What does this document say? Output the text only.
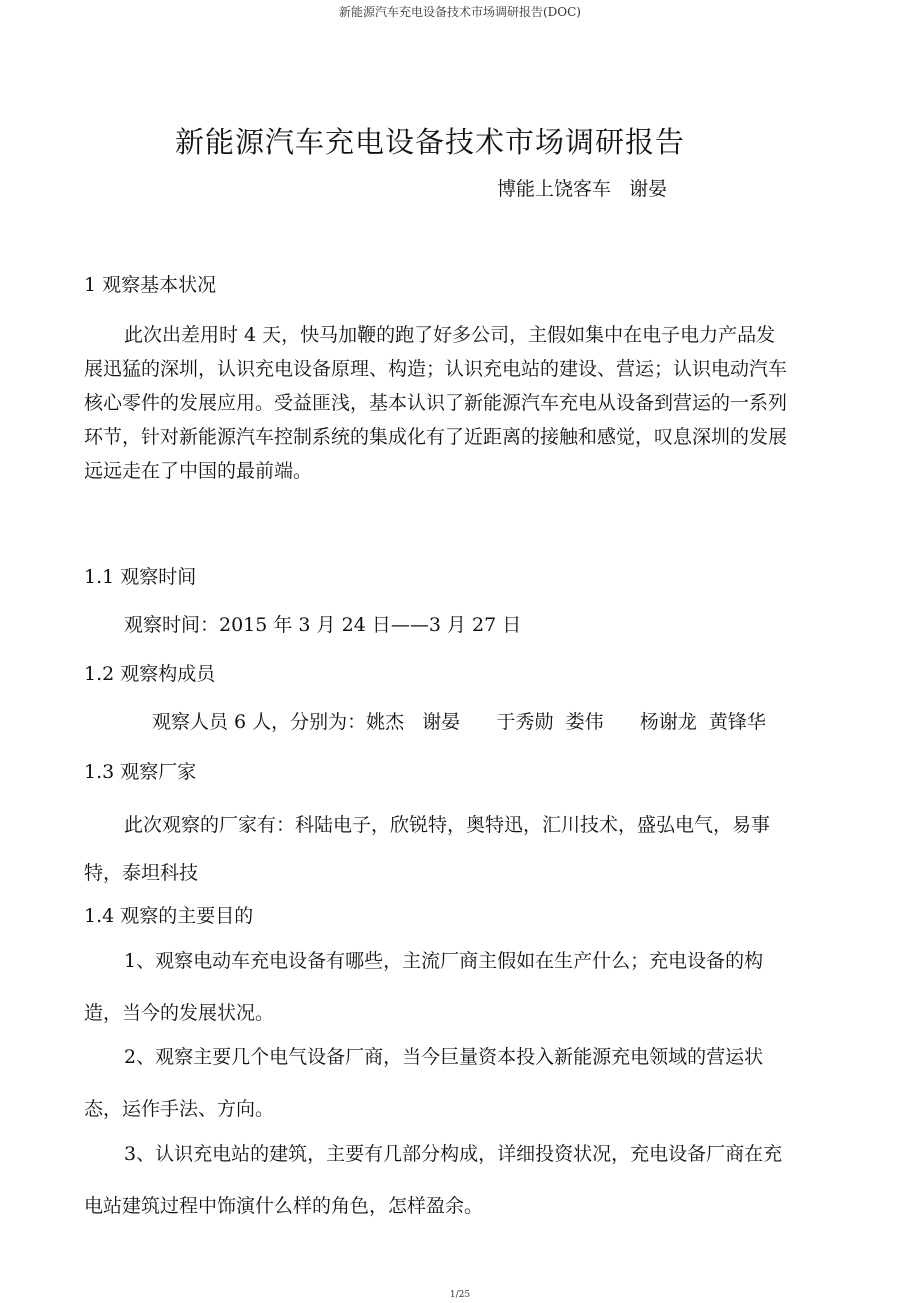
新能源汽车充电设备技术市场调研报告(DOC)
新能源汽车充电设备技术市场调研报告
博能上饶客车   谢晏
1 观察基本状况
此次出差用时 4 天，快马加鞭的跑了好多公司，主假如集中在电子电力产品发展迅猛的深圳，认识充电设备原理、构造；认识充电站的建设、营运；认识电动汽车核心零件的发展应用。受益匪浅，基本认识了新能源汽车充电从设备到营运的一系列环节，针对新能源汽车控制系统的集成化有了近距离的接触和感觉，叹息深圳的发展远远走在了中国的最前端。
1.1 观察时间
观察时间：2015 年 3 月 24 日——3 月 27 日
1.2 观察构成员
观察人员 6 人，分别为：姚杰   谢晏      于秀勋  娄伟      杨谢龙  黄锋华
1.3 观察厂家
此次观察的厂家有：科陆电子，欣锐特，奥特迅，汇川技术，盛弘电气，易事特，泰坦科技
1.4 观察的主要目的
1、观察电动车充电设备有哪些，主流厂商主假如在生产什么；充电设备的构造，当今的发展状况。
2、观察主要几个电气设备厂商，当今巨量资本投入新能源充电领域的营运状态，运作手法、方向。
3、认识充电站的建筑，主要有几部分构成，详细投资状况，充电设备厂商在充电站建筑过程中饰演什么样的角色，怎样盈余。
1/25
